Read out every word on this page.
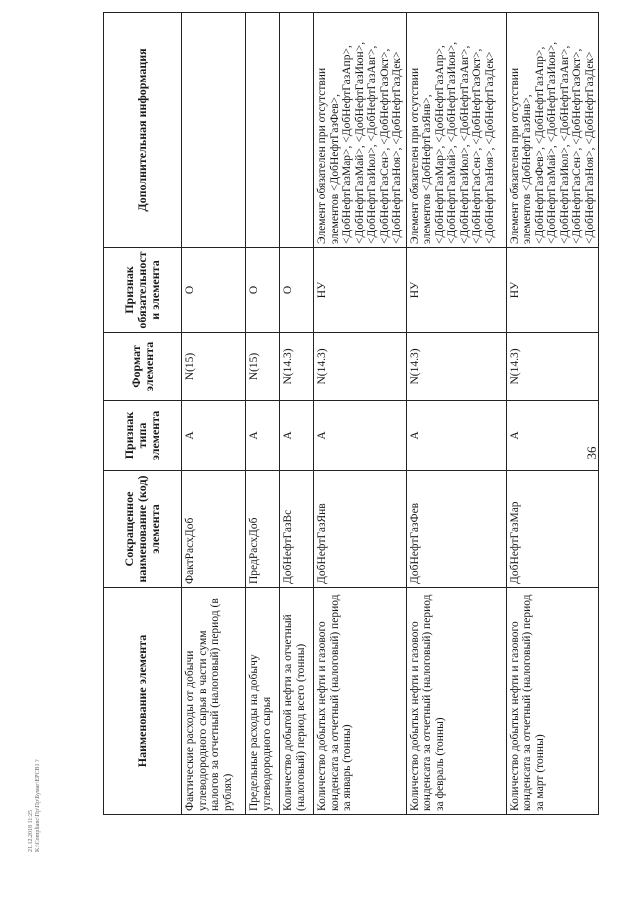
36
21.12.2018 11:25 K:\Complianc\Пр\Пр\Бумаг\ЕРСВ1 ?
Наименование элемента	Сокращенное наименование (код) элемента	Признак типа элемента	Формат элемента	Признак обязательности элемента	Дополнительная информация
Фактические расходы от добычи углеводородного сырья в части сумм налогов за отчетный (налоговый) период (в рублях)	ФактРасхДоб	А	N(15)	О	
Предельные расходы на добычу углеводородного сырья	ПредРасхДоб	А	N(15)	О	
Количество добытой нефти за отчетный (налоговый) период всего (тонны)	ДобНефтГазВс	А	N(14.3)	О	
Количество добытых нефти и газового конденсата за отчетный (налоговый) период за январь (тонны)	ДобНефтГазЯнв	А	N(14.3)	НУ	Элемент обязателен при отсутствии элементов <ДобНефтГазФев>, <ДобНефтГазМар>, <ДобНефтГазАпр>, <ДобНефтГазМай>, <ДобНефтГазИюн>, <ДобНефтГазИюл>, <ДобНефтГазАвг>, <ДобНефтГазСен>, <ДобНефтГазОкт>, <ДобНефтГазНоя>, <ДобНефтГазДек>
Количество добытых нефти и газового конденсата за отчетный (налоговый) период за февраль (тонны)	ДобНефтГазФев	А	N(14.3)	НУ	Элемент обязателен при отсутствии элементов <ДобНефтГазЯнв>, <ДобНефтГазМар>, <ДобНефтГазАпр>, <ДобНефтГазМай>, <ДобНефтГазИюн>, <ДобНефтГазИюл>, <ДобНефтГазАвг>, <ДобНефтГазСен>, <ДобНефтГазОкт>, <ДобНефтГазНоя>, <ДобНефтГазДек>
Количество добытых нефти и газового конденсата за отчетный (налоговый) период за март (тонны)	ДобНефтГазМар	А	N(14.3)	НУ	Элемент обязателен при отсутствии элементов <ДобНефтГазЯнв>, <ДобНефтГазФев>, <ДобНефтГазАпр>, <ДобНефтГазМай>, <ДобНефтГазИюн>, <ДобНефтГазИюл>, <ДобНефтГазАвг>, <ДобНефтГазСен>, <ДобНефтГазОкт>, <ДобНефтГазНоя>, <ДобНефтГазДек>
